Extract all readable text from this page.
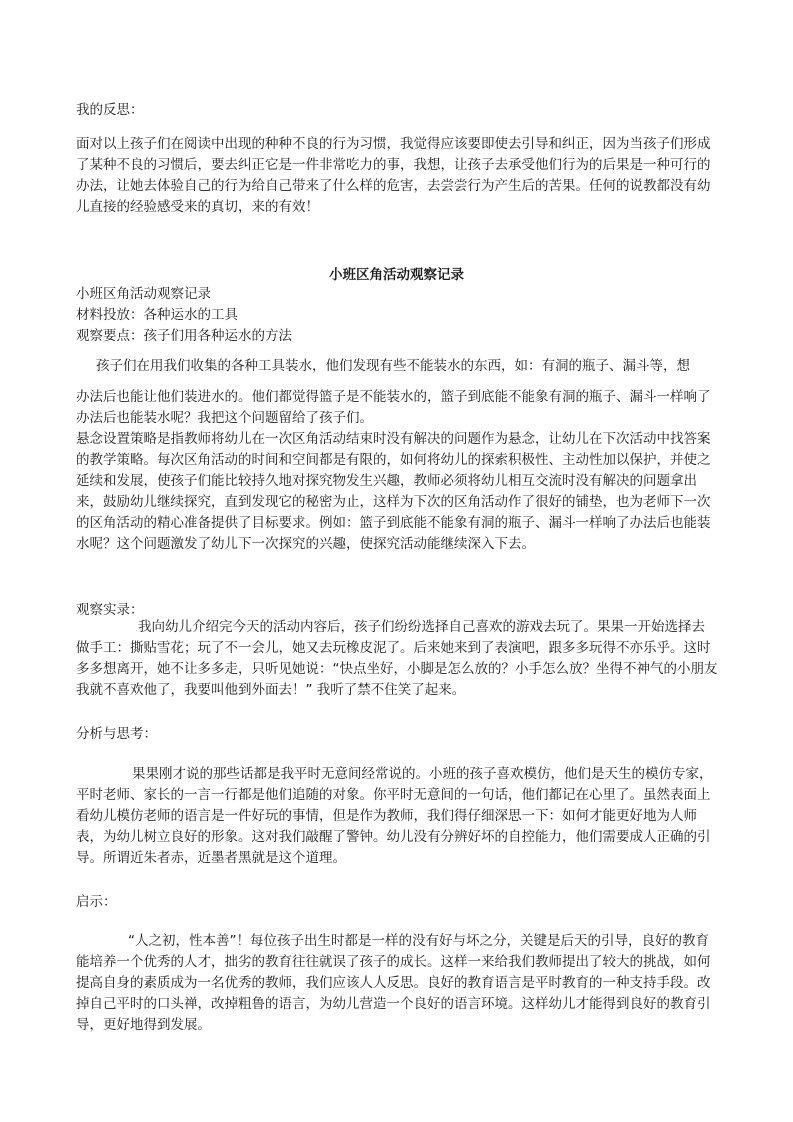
我的反思：

面对以上孩子们在阅读中出现的种种不良的行为习惯，我觉得应该要即使去引导和纠正，因为当孩子们形成了某种不良的习惯后，要去纠正它是一件非常吃力的事，我想，让孩子去承受他们行为的后果是一种可行的办法，让她去体验自己的行为给自己带来了什么样的危害，去尝尝行为产生后的苦果。任何的说教都没有幼儿直接的经验感受来的真切，来的有效！

小班区角活动观察记录

小班区角活动观察记录
材料投放：各种运水的工具
观察要点：孩子们用各种运水的方法

孩子们在用我们收集的各种工具装水，他们发现有些不能装水的东西，如：有洞的瓶子、漏斗等，想

办法后也能让他们装进水的。他们都觉得篮子是不能装水的，篮子到底能不能象有洞的瓶子、漏斗一样响了办法后也能装水呢？我把这个问题留给了孩子们。

悬念设置策略是指教师将幼儿在一次区角活动结束时没有解决的问题作为悬念，让幼儿在下次活动中找答案的教学策略。每次区角活动的时间和空间都是有限的，如何将幼儿的探索积极性、主动性加以保护，并使之延续和发展，使孩子们能比较持久地对探究物发生兴趣，教师必须将幼儿相互交流时没有解决的问题拿出来，鼓励幼儿继续探究，直到发现它的秘密为止，这样为下次的区角活动作了很好的铺垫，也为老师下一次的区角活动的精心准备提供了目标要求。例如：篮子到底能不能象有洞的瓶子、漏斗一样响了办法后也能装水呢？这个问题激发了幼儿下一次探究的兴趣，使探究活动能继续深入下去。

观察实录：

我向幼儿介绍完今天的活动内容后，孩子们纷纷选择自己喜欢的游戏去玩了。果果一开始选择去做手工：撕贴雪花；玩了不一会儿，她又去玩橡皮泥了。后来她来到了表演吧，跟多多玩得不亦乐乎。这时多多想离开，她不让多多走，只听见她说：“快点坐好，小脚是怎么放的？小手怎么放？坐得不神气的小朋友我就不喜欢他了，我要叫他到外面去！” 我听了禁不住笑了起来。

分析与思考：

果果刚才说的那些话都是我平时无意间经常说的。小班的孩子喜欢模仿，他们是天生的模仿专家，平时老师、家长的一言一行都是他们追随的对象。你平时无意间的一句话，他们都记在心里了。虽然表面上看幼儿模仿老师的语言是一件好玩的事情，但是作为教师，我们得仔细深思一下：如何才能更好地为人师表，为幼儿树立良好的形象。这对我们敲醒了警钟。幼儿没有分辨好坏的自控能力，他们需要成人正确的引导。所谓近朱者赤，近墨者黑就是这个道理。

启示：

“人之初，性本善”！每位孩子出生时都是一样的没有好与坏之分，关键是后天的引导，良好的教育能培养一个优秀的人才，拙劣的教育往往就误了孩子的成长。这样一来给我们教师提出了较大的挑战，如何提高自身的素质成为一名优秀的教师，我们应该人人反思。良好的教育语言是平时教育的一种支持手段。改掉自己平时的口头禅，改掉粗鲁的语言，为幼儿营造一个良好的语言环境。这样幼儿才能得到良好的教育引导，更好地得到发展。
